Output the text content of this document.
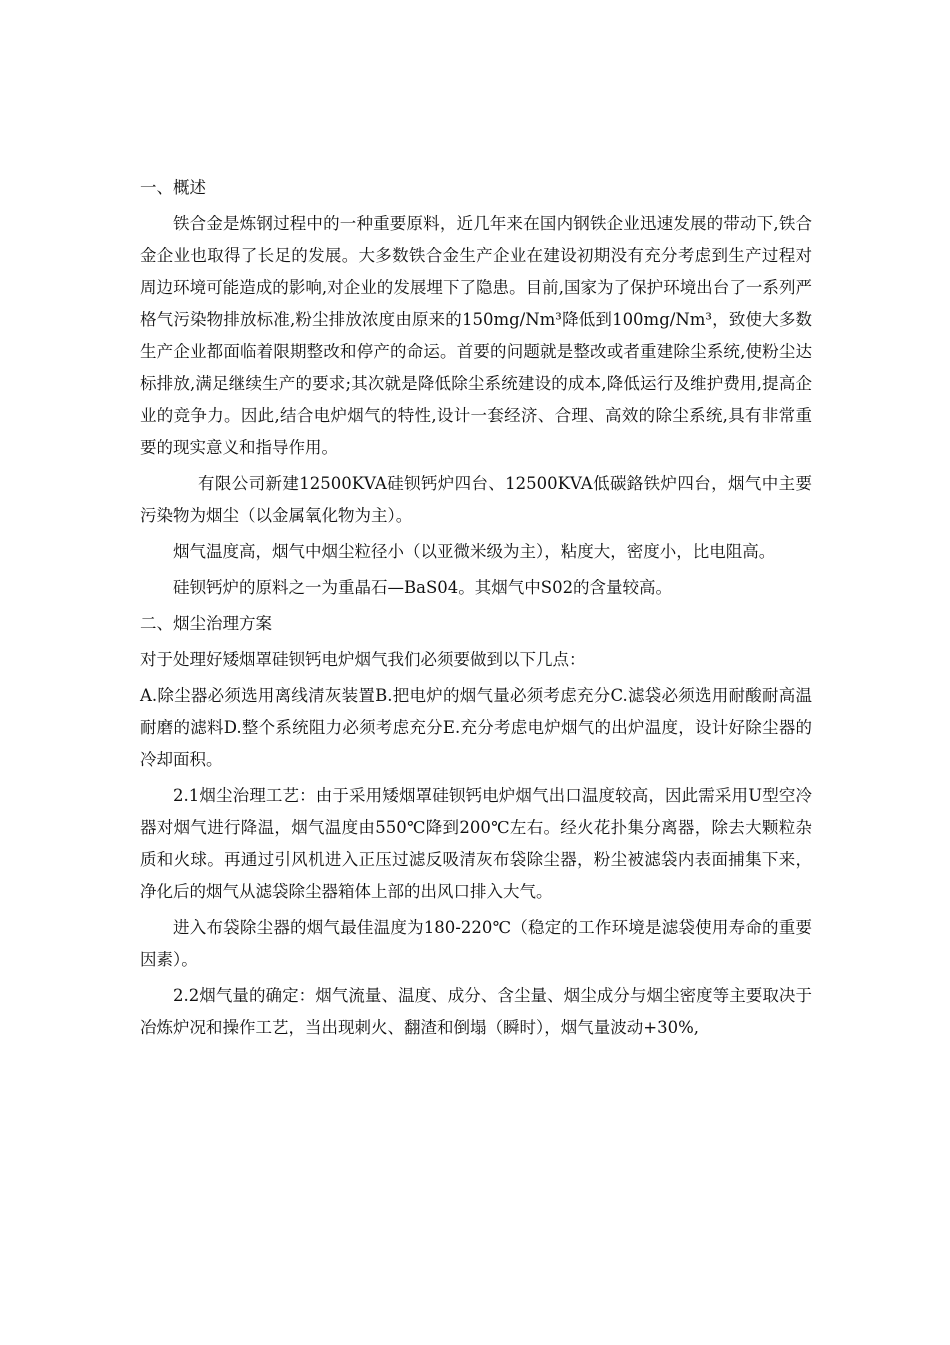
一、概述

铁合金是炼钢过程中的一种重要原料，近几年来在国内钢铁企业迅速发展的带动下,铁合金企业也取得了长足的发展。大多数铁合金生产企业在建设初期没有充分考虑到生产过程对周边环境可能造成的影响,对企业的发展埋下了隐患。目前,国家为了保护环境出台了一系列严格气污染物排放标准,粉尘排放浓度由原来的150mg/Nm³降低到100mg/Nm³，致使大多数生产企业都面临着限期整改和停产的命运。首要的问题就是整改或者重建除尘系统,使粉尘达标排放,满足继续生产的要求;其次就是降低除尘系统建设的成本,降低运行及维护费用,提高企业的竞争力。因此,结合电炉烟气的特性,设计一套经济、合理、高效的除尘系统,具有非常重要的现实意义和指导作用。

有限公司新建12500KVA硅钡钙炉四台、12500KVA低碳鉻铁炉四台，烟气中主要污染物为烟尘（以金属氧化物为主）。

烟气温度高，烟气中烟尘粒径小（以亚微米级为主），粘度大，密度小，比电阻高。

硅钡钙炉的原料之一为重晶石—BaS04。其烟气中S02的含量较高。

二、烟尘治理方案

对于处理好矮烟罩硅钡钙电炉烟气我们必须要做到以下几点：

A.除尘器必须选用离线清灰装置B.把电炉的烟气量必须考虑充分C.滤袋必须选用耐酸耐高温耐磨的滤料D.整个系统阻力必须考虑充分E.充分考虑电炉烟气的出炉温度，设计好除尘器的冷却面积。

2.1烟尘治理工艺：由于采用矮烟罩硅钡钙电炉烟气出口温度较高，因此需采用U型空冷器对烟气进行降温，烟气温度由550℃降到200℃左右。经火花扑集分离器，除去大颗粒杂质和火球。再通过引风机进入正压过滤反吸清灰布袋除尘器，粉尘被滤袋内表面捕集下来，净化后的烟气从滤袋除尘器箱体上部的出风口排入大气。

进入布袋除尘器的烟气最佳温度为180-220℃（稳定的工作环境是滤袋使用寿命的重要因素）。

2.2烟气量的确定：烟气流量、温度、成分、含尘量、烟尘成分与烟尘密度等主要取决于冶炼炉况和操作工艺，当出现刺火、翻渣和倒塌（瞬时），烟气量波动+30%,
